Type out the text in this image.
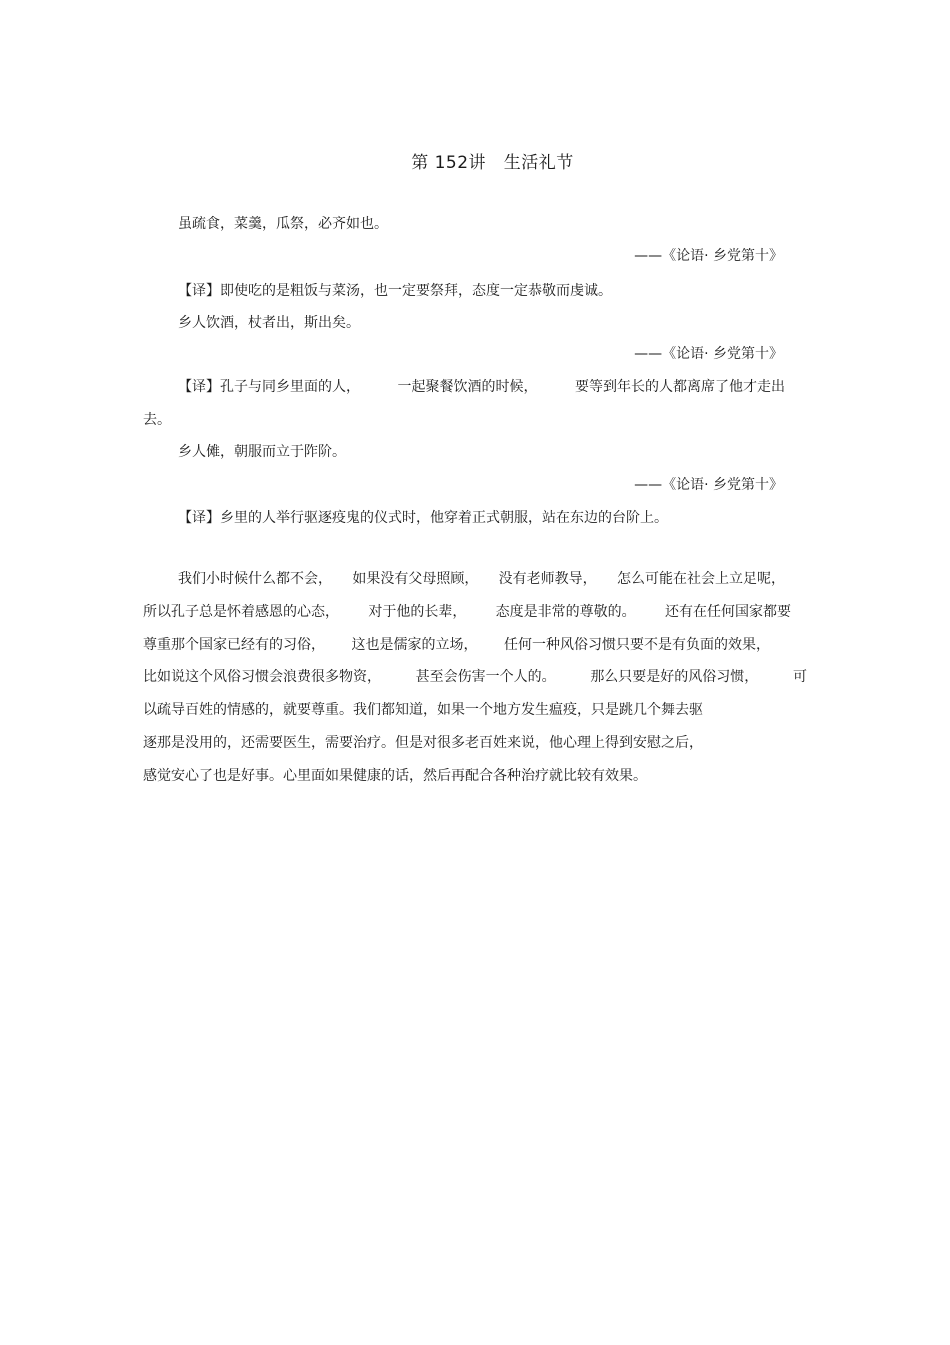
第 152讲   生活礼节
虽疏食，菜羹，瓜祭，必齐如也。
——《论语· 乡党第十》
【译】即使吃的是粗饭与菜汤，也一定要祭拜，态度一定恭敬而虔诚。
乡人饮酒，杖者出，斯出矣。
——《论语· 乡党第十》
【译】孔子与同乡里面的人，	一起聚餐饮酒的时候，	要等到年长的人都离席了他才走出
去。
乡人傩，朝服而立于阼阶。
——《论语· 乡党第十》
【译】乡里的人举行驱逐疫鬼的仪式时，他穿着正式朝服，站在东边的台阶上。
我们小时候什么都不会， 如果没有父母照顾， 没有老师教导， 怎么可能在社会上立足呢，
所以孔子总是怀着感恩的心态， 对于他的长辈， 态度是非常的尊敬的。 还有在任何国家都要
尊重那个国家已经有的习俗， 这也是儒家的立场， 任何一种风俗习惯只要不是有负面的效果，
比如说这个风俗习惯会浪费很多物资， 甚至会伤害一个人的。 那么只要是好的风俗习惯， 可
以疏导百姓的情感的，就要尊重。我们都知道，如果一个地方发生瘟疫，只是跳几个舞去驱
逐那是没用的，还需要医生，需要治疗。但是对很多老百姓来说，他心理上得到安慰之后，
感觉安心了也是好事。心里面如果健康的话，然后再配合各种治疗就比较有效果。
